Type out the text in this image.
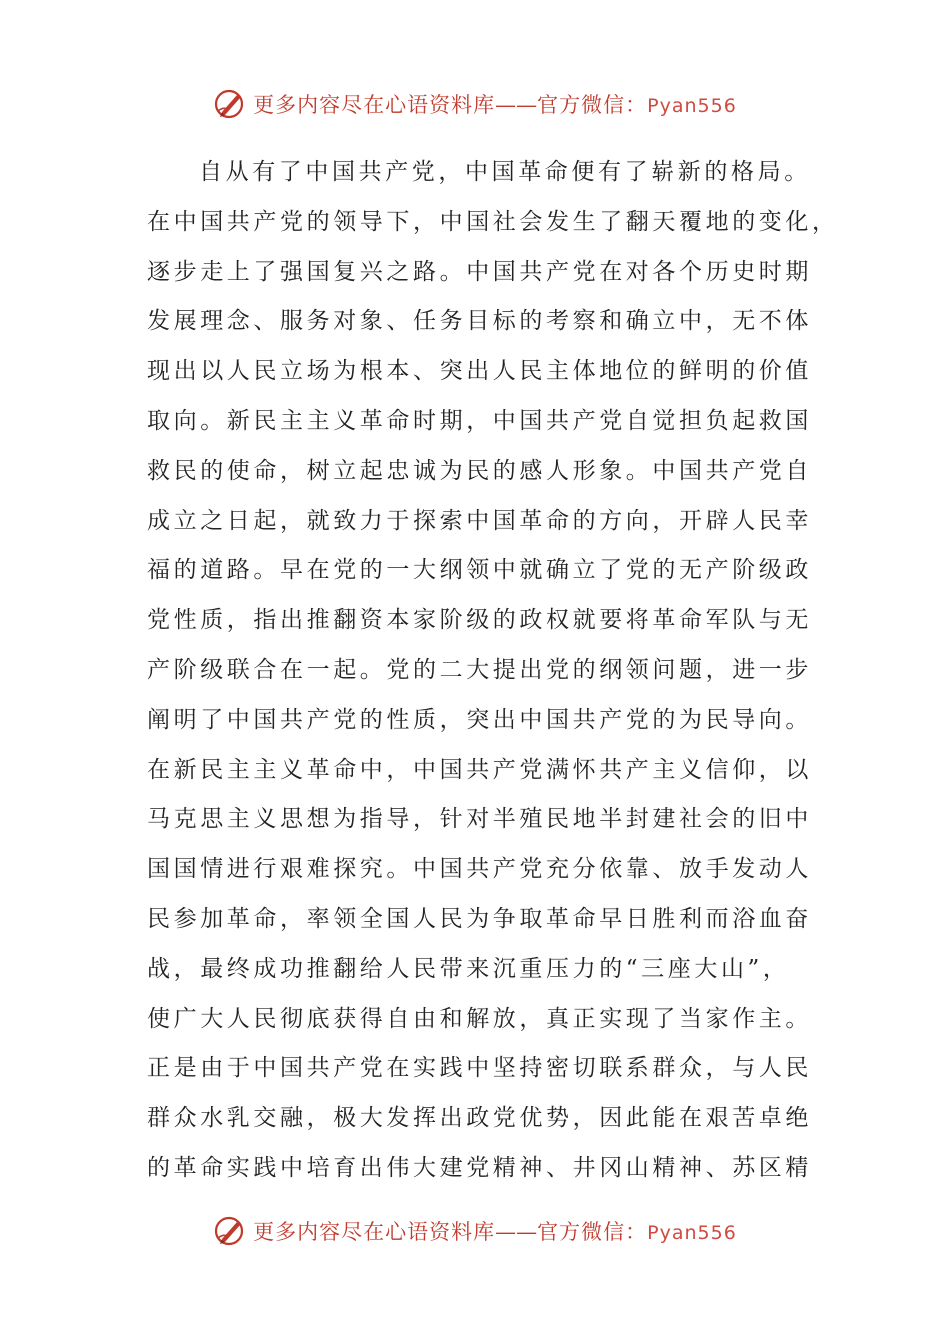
更多内容尽在心语资料库——官方微信：Pyan556
自从有了中国共产党，中国革命便有了崭新的格局。
在中国共产党的领导下，中国社会发生了翻天覆地的变化，
逐步走上了强国复兴之路。中国共产党在对各个历史时期
发展理念、服务对象、任务目标的考察和确立中，无不体
现出以人民立场为根本、突出人民主体地位的鲜明的价值
取向。新民主主义革命时期，中国共产党自觉担负起救国
救民的使命，树立起忠诚为民的感人形象。中国共产党自
成立之日起，就致力于探索中国革命的方向，开辟人民幸
福的道路。早在党的一大纲领中就确立了党的无产阶级政
党性质，指出推翻资本家阶级的政权就要将革命军队与无
产阶级联合在一起。党的二大提出党的纲领问题，进一步
阐明了中国共产党的性质，突出中国共产党的为民导向。
在新民主主义革命中，中国共产党满怀共产主义信仰，以
马克思主义思想为指导，针对半殖民地半封建社会的旧中
国国情进行艰难探究。中国共产党充分依靠、放手发动人
民参加革命，率领全国人民为争取革命早日胜利而浴血奋
战，最终成功推翻给人民带来沉重压力的“三座大山”，
使广大人民彻底获得自由和解放，真正实现了当家作主。
正是由于中国共产党在实践中坚持密切联系群众，与人民
群众水乳交融，极大发挥出政党优势，因此能在艰苦卓绝
的革命实践中培育出伟大建党精神、井冈山精神、苏区精
更多内容尽在心语资料库——官方微信：Pyan556
